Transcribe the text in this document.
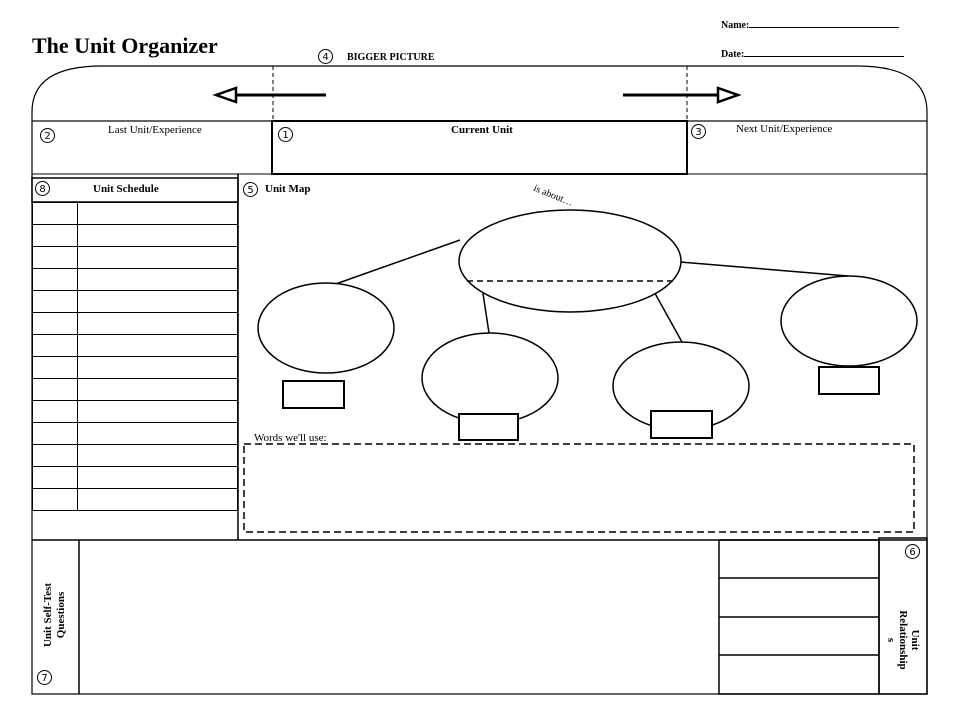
The Unit Organizer
Name:
Date:
4	BIGGER PICTURE
2
Last Unit/Experience	1	Current Unit	3	Next Unit/Experience
8	Unit Schedule

		5	Unit Map	is about…
Words we'll use:
Unit Self-Test Questions
7
6
Unit
Relationship
s
